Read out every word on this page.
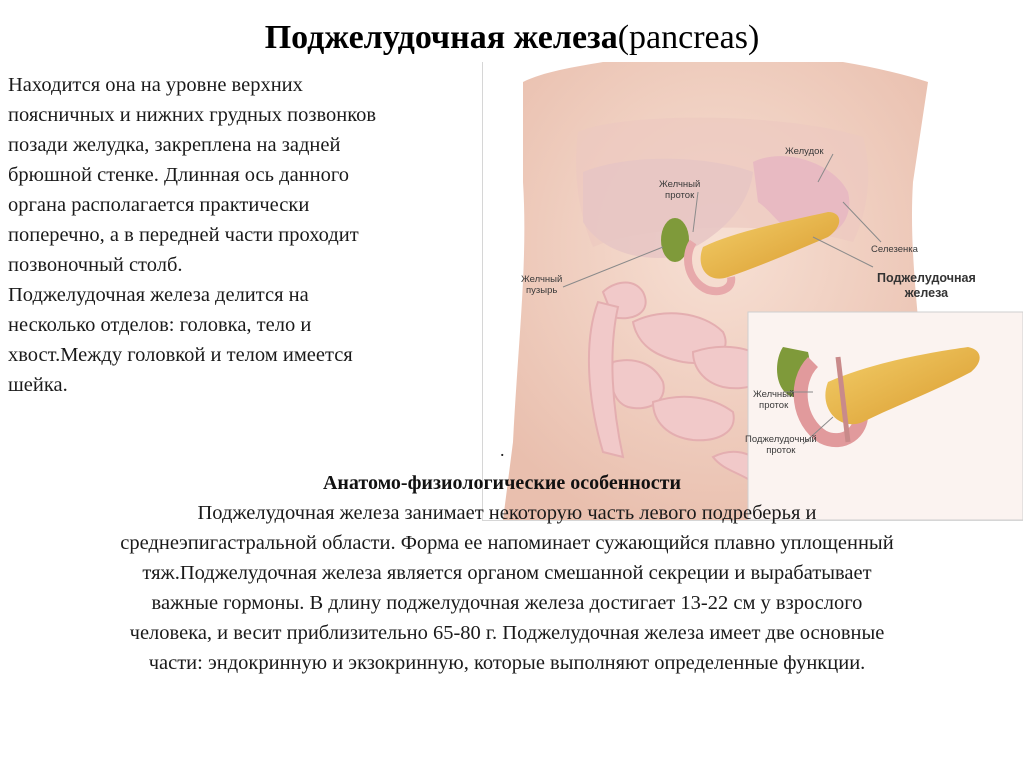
Поджелудочная железа(pancreas)

Находится она на уровне верхних

поясничных и нижних грудных позвонков

позади желудка, закреплена на задней

брюшной стенке. Длинная ось данного

органа располагается практически

поперечно, а в передней части проходит

позвоночный столб.

Поджелудочная железа делится на

несколько отделов: головка, тело и

хвост.Между головкой и телом имеется

шейка.

Желудок
Желчный
проток
Селезенка
Поджелудочная
железа
Желчный
пузырь
Желчный
проток
Поджелудочный
проток
.
Анатомо-физиологические особенности
Поджелудочная железа занимает некоторую часть левого подреберья и
среднеэпигастральной области. Форма ее напоминает сужающийся плавно уплощенный
тяж.Поджелудочная железа является органом смешанной секреции и вырабатывает
важные гормоны. В длину поджелудочная железа достигает 13-22 см у взрослого
человека, и весит приблизительно 65-80 г. Поджелудочная железа имеет две основные
части: эндокринную и экзокринную, которые выполняют определенные функции.
